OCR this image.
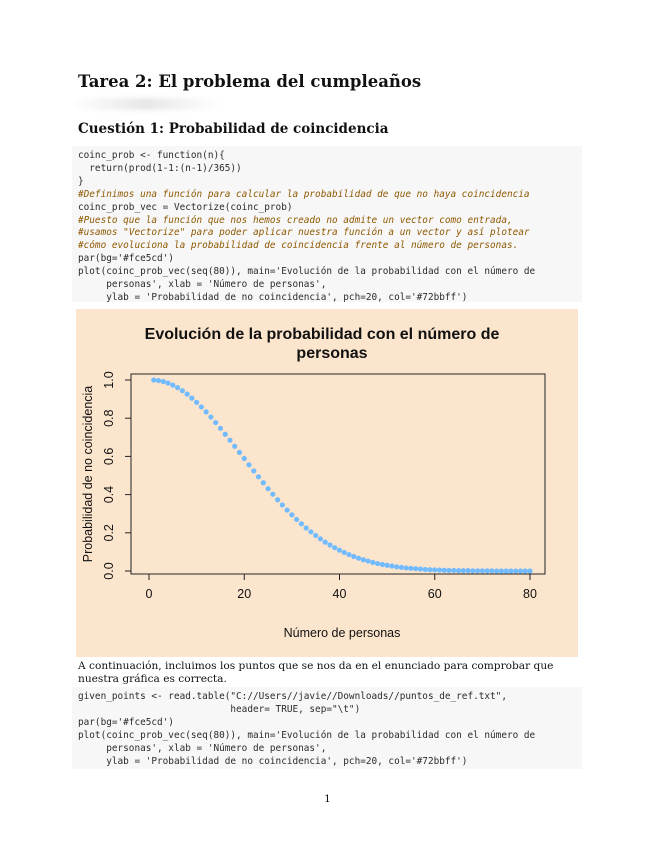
Tarea 2: El problema del cumpleaños
Cuestión 1: Probabilidad de coincidencia
coinc_prob <- function(n){
return(prod(1-1:(n-1)/365))
}
#Definimos una función para calcular la probabilidad de que no haya coincidencia
coinc_prob_vec = Vectorize(coinc_prob)
#Puesto que la función que nos hemos creado no admite un vector como entrada,
#usamos "Vectorize" para poder aplicar nuestra función a un vector y así plotear
#cómo evoluciona la probabilidad de coincidencia frente al número de personas.
par(bg='#fce5cd')
plot(coinc_prob_vec(seq(80)), main='Evolución de la probabilidad con el número de
personas', xlab = 'Número de personas',
ylab = 'Probabilidad de no coincidencia', pch=20, col='#72bbff')
Evolución de la probabilidad con el número de
personas
0	20	40	60	80
0.0
0.2
0.4
0.6
0.8
1.0
Número de personas
Probabilidad de no coincidencia
A continuación, incluimos los puntos que se nos da en el enunciado para comprobar que nuestra gráfica es correcta.
given_points <- read.table("C://Users//javie//Downloads//puntos_de_ref.txt",
header= TRUE, sep="\t")
par(bg='#fce5cd')
plot(coinc_prob_vec(seq(80)), main='Evolución de la probabilidad con el número de
personas', xlab = 'Número de personas',
ylab = 'Probabilidad de no coincidencia', pch=20, col='#72bbff')
1
